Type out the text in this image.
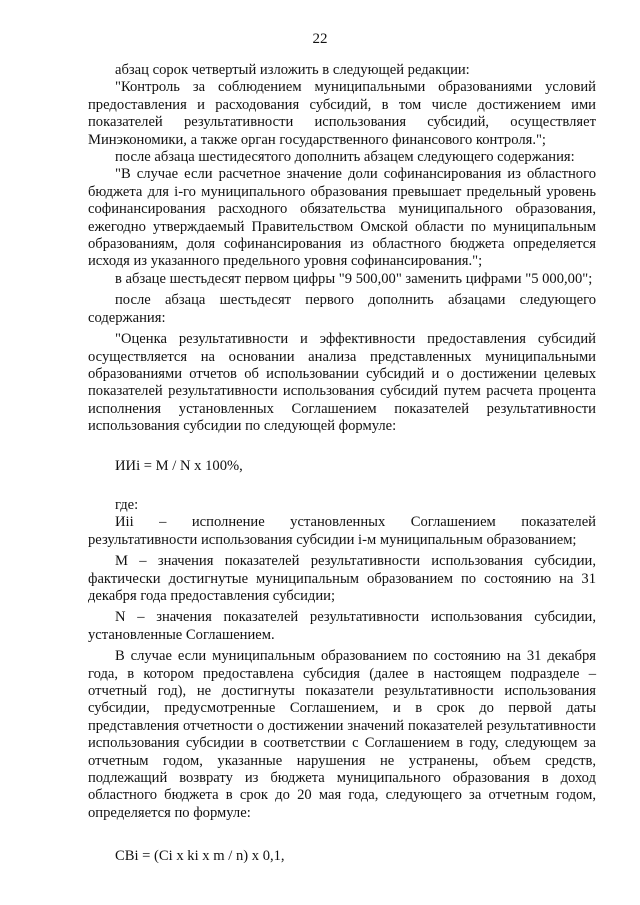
22

абзац сорок четвертый изложить в следующей редакции:

"Контроль за соблюдением муниципальными образованиями условий предоставления и расходования субсидий, в том числе достижением ими показателей результативности использования субсидий, осуществляет Минэкономики, а также орган государственного финансового контроля.";

после абзаца шестидесятого дополнить абзацем следующего содержания:

"В случае если расчетное значение доли софинансирования из областного бюджета для i-го муниципального образования превышает предельный уровень софинансирования расходного обязательства муниципального образования, ежегодно утверждаемый Правительством Омской области по муниципальным образованиям, доля софинансирования из областного бюджета определяется исходя из указанного предельного уровня софинансирования.";

в абзаце шестьдесят первом цифры "9 500,00" заменить цифрами "5 000,00";

после абзаца шестьдесят первого дополнить абзацами следующего содержания:

"Оценка результативности и эффективности предоставления субсидий осуществляется на основании анализа представленных муниципальными образованиями отчетов об использовании субсидий и о достижении целевых показателей результативности использования субсидий путем расчета процента исполнения установленных Соглашением показателей результативности использования субсидии по следующей формуле:

ИИi = M / N x 100%,

где:

Иіi – исполнение установленных Соглашением показателей результативности использования субсидии i-м муниципальным образованием;

M – значения показателей результативности использования субсидии, фактически достигнутые муниципальным образованием по состоянию на 31 декабря года предоставления субсидии;

N – значения показателей результативности использования субсидии, установленные Соглашением.

В случае если муниципальным образованием по состоянию на 31 декабря года, в котором предоставлена субсидия (далее в настоящем подразделе – отчетный год), не достигнуты показатели результативности использования субсидии, предусмотренные Соглашением, и в срок до первой даты представления отчетности о достижении значений показателей результативности использования субсидии в соответствии с Соглашением в году, следующем за отчетным годом, указанные нарушения не устранены, объем средств, подлежащий возврату из бюджета муниципального образования в доход областного бюджета в срок до 20 мая года, следующего за отчетным годом, определяется по формуле:

СВi = (Ci x ki x m / n) x 0,1,
